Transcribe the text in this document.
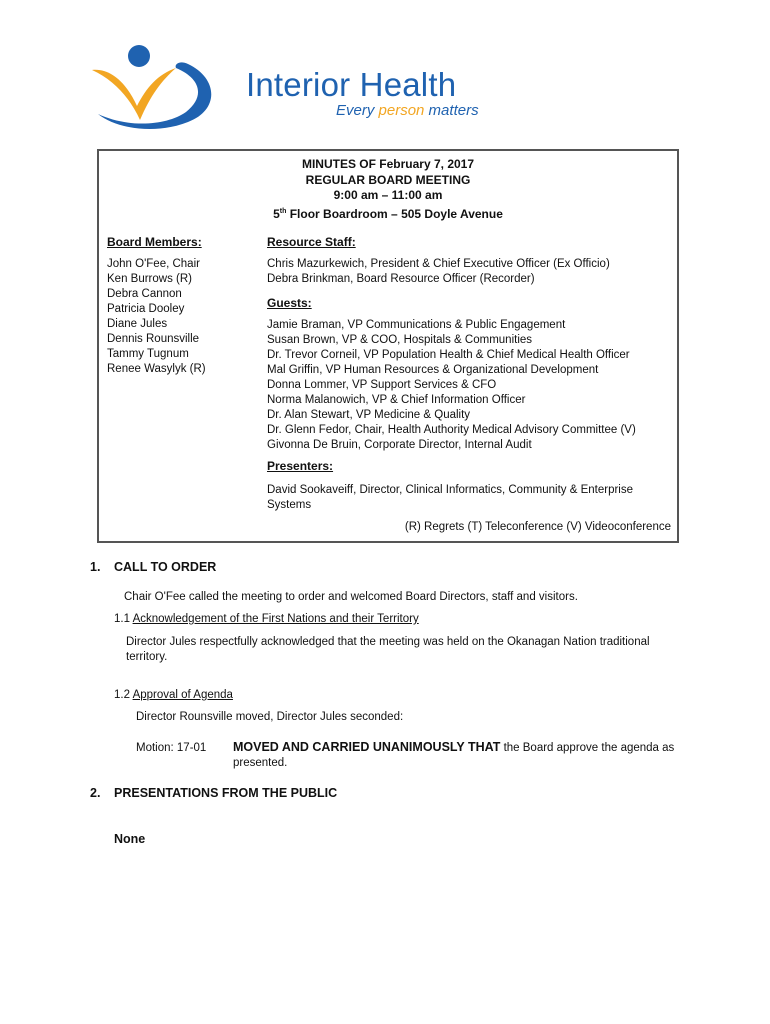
Interior Health
Every person matters
MINUTES OF February 7, 2017
REGULAR BOARD MEETING
9:00 am – 11:00 am
5th Floor Boardroom – 505 Doyle Avenue
Board Members:
John O'Fee, Chair
Ken Burrows (R)
Debra Cannon
Patricia Dooley
Diane Jules
Dennis Rounsville
Tammy Tugnum
Renee Wasylyk (R)
Resource Staff:
Chris Mazurkewich, President & Chief Executive Officer (Ex Officio)
Debra Brinkman, Board Resource Officer (Recorder)
Guests:
Jamie Braman, VP Communications & Public Engagement
Susan Brown, VP & COO, Hospitals & Communities
Dr. Trevor Corneil, VP Population Health & Chief Medical Health Officer
Mal Griffin, VP Human Resources & Organizational Development
Donna Lommer, VP Support Services & CFO
Norma Malanowich, VP & Chief Information Officer
Dr. Alan Stewart, VP Medicine & Quality
Dr. Glenn Fedor, Chair, Health Authority Medical Advisory Committee (V)
Givonna De Bruin, Corporate Director, Internal Audit
Presenters:
David Sookaveiff, Director, Clinical Informatics, Community & Enterprise
Systems
(R) Regrets (T) Teleconference (V) Videoconference
1. CALL TO ORDER
Chair O'Fee called the meeting to order and welcomed Board Directors, staff and visitors.
1.1 Acknowledgement of the First Nations and their Territory
Director Jules respectfully acknowledged that the meeting was held on the Okanagan Nation traditional
territory.
1.2 Approval of Agenda
Director Rounsville moved, Director Jules seconded:
Motion: 17-01 MOVED AND CARRIED UNANIMOUSLY THAT the Board approve the agenda as
presented.
2. PRESENTATIONS FROM THE PUBLIC
None
